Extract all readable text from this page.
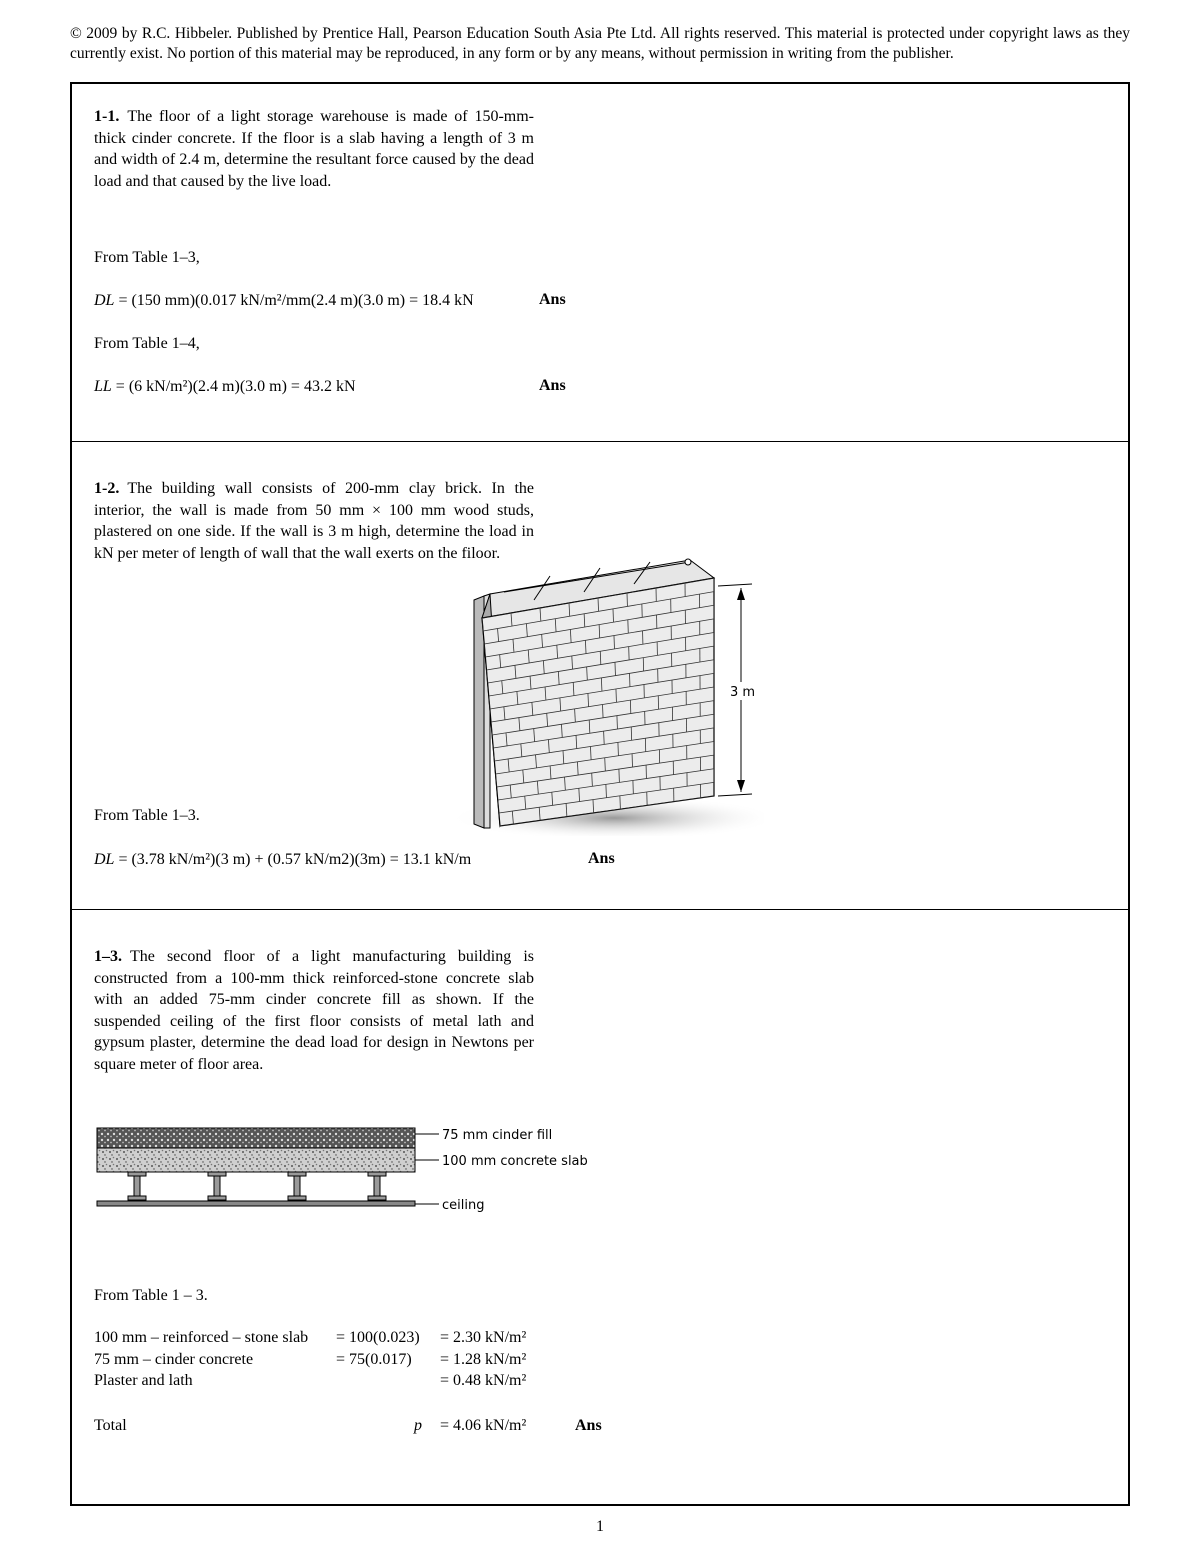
© 2009 by R.C. Hibbeler. Published by Prentice Hall, Pearson Education South Asia Pte Ltd. All rights reserved. This material is protected under copyright laws as they currently exist. No portion of this material may be reproduced, in any form or by any means, without permission in writing from the publisher.
1-1. The floor of a light storage warehouse is made of 150-mm-thick cinder concrete. If the floor is a slab having a length of 3 m and width of 2.4 m, determine the resultant force caused by the dead load and that caused by the live load.
From Table 1–3,
DL = (150 mm)(0.017 kN/m²/mm(2.4 m)(3.0 m) = 18.4 kN	Ans
From Table 1–4,
LL = (6 kN/m²)(2.4 m)(3.0 m) = 43.2 kN	Ans
1-2. The building wall consists of 200-mm clay brick. In the interior, the wall is made from 50 mm × 100 mm wood studs, plastered on one side. If the wall is 3 m high, determine the load in kN per meter of length of wall that the wall exerts on the filoor.
3 m
From Table 1–3.
DL = (3.78 kN/m²)(3 m) + (0.57 kN/m2)(3m) = 13.1 kN/m	Ans
1–3. The second floor of a light manufacturing building is constructed from a 100-mm thick reinforced-stone concrete slab with an added 75-mm cinder concrete fill as shown. If the suspended ceiling of the first floor consists of metal lath and gypsum plaster, determine the dead load for design in Newtons per square meter of floor area.
75 mm cinder fill
100 mm concrete slab
ceiling
From Table 1 – 3.
100 mm – reinforced – stone slab = 100(0.023) = 2.30 kN/m²
75 mm – cinder concrete	= 75(0.017) = 1.28 kN/m²
Plaster and lath	= 0.48 kN/m²
Total	p = 4.06 kN/m²	Ans
1
